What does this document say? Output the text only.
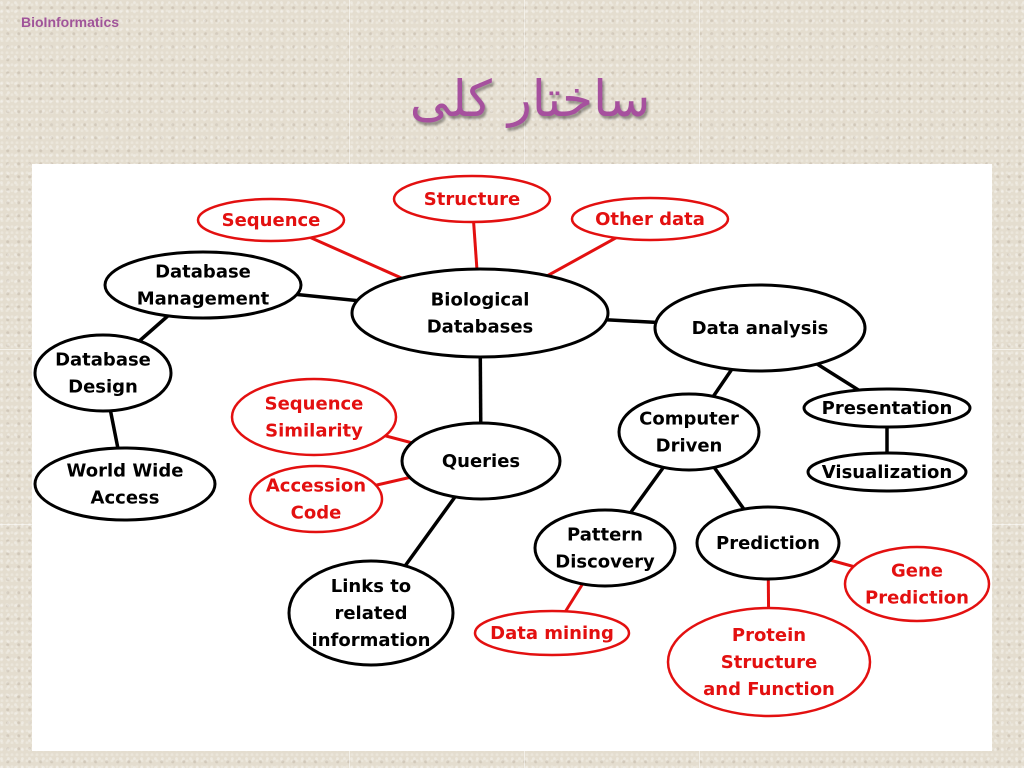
BioInformatics
ساختار کلی
Biological
Databases
Sequence
Structure
Other data
Database
Management
Database
Design
World Wide
Access
Data analysis
Queries
Sequence
Similarity
Accession
Code
Links to
related
information
Computer
Driven
Presentation
Visualization
Pattern
Discovery
Prediction
Data mining
Gene
Prediction
Protein
Structure
and Function
